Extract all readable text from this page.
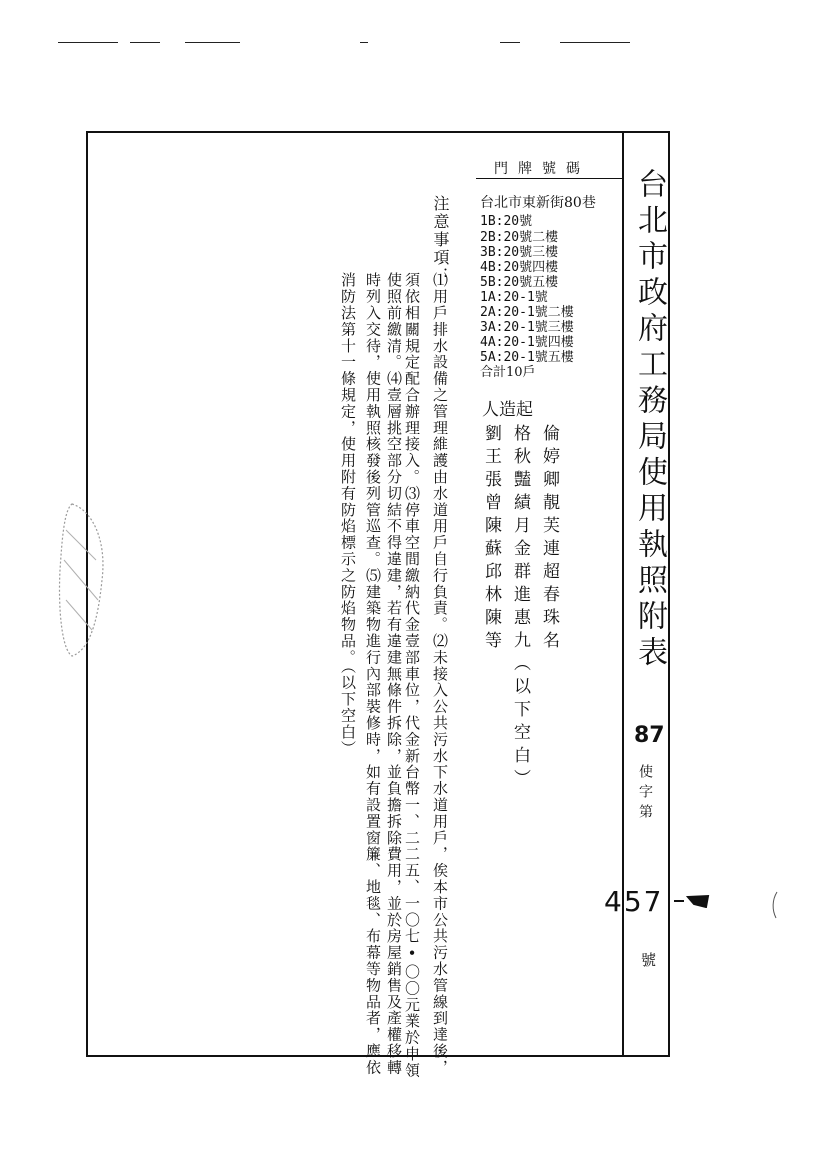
台北市政府工務局使用執照附表
門牌號碼
台北市東新街80巷
1B:20號
2B:20號二樓
3B:20號三樓
4B:20號四樓
5B:20號五樓
1A:20-1號
2A:20-1號二樓
3A:20-1號三樓
4A:20-1號四樓
5A:20-1號五樓
合計10戶
起造人
倫婷卿靚芙連超春珠名
格秋豔績月金群進惠九（以下空白）
劉王張曾陳蘇邱林陳等
注意事項：
⑴用戶排水設備之管理維護由水道用戶自行負責。⑵未接入公共污水下水道用戶，俟本市公共污水管線到達後，
須依相關規定配合辦理接入。⑶停車空間繳納代金壹部車位，代金新台幣一、二二五、一〇七•〇〇元業於申領
使照前繳清。⑷壹層挑空部分切結不得違建，若有違建無條件拆除，並負擔拆除費用，並於房屋銷售及產權移轉
時列入交待，使用執照核發後列管巡查。⑸建築物進行內部裝修時，如有設置窗簾、地毯、布幕等物品者，應依
消防法第十一條規定，使用附有防焰標示之防焰物品。（以下空白）	87
使字第
457
號
